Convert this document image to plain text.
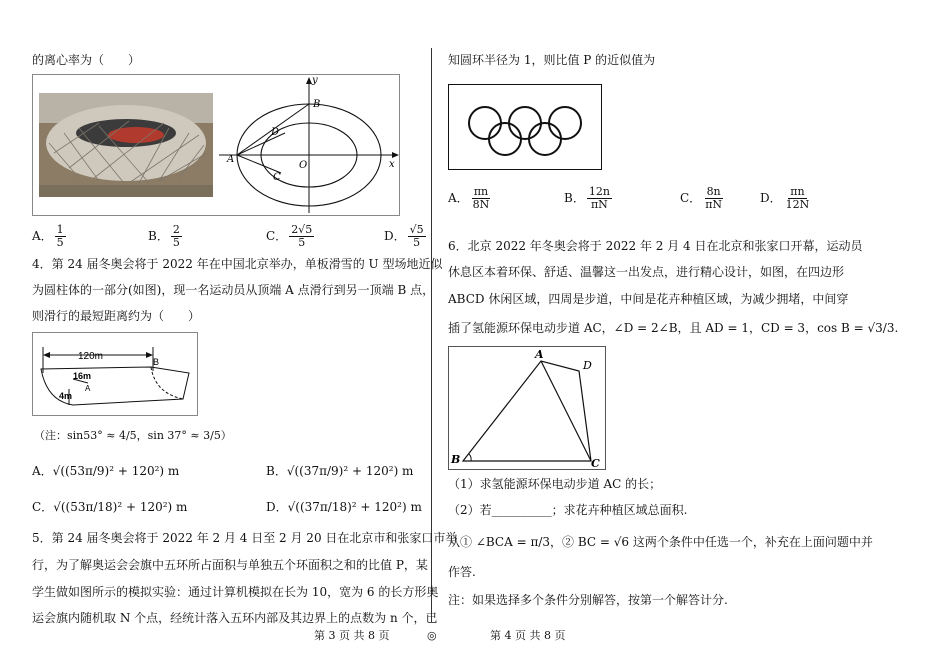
的离心率为（　　）
y
x
B
D
A
C
O
A． $\frac{1}{5}$	B． $\frac{2}{5}$	C． $\frac{2√5}{5}$	D． $\frac{√5}{5}$
4．第 24 届冬奥会将于 2022 年在中国北京举办，单板滑雪的 U 型场地近似
为圆柱体的一部分(如图)，现一名运动员从顶端 A 点滑行到另一顶端 B 点，
则滑行的最短距离约为（　　）
120m	B
16m
A
4m
（注：sin53° ≈ 4/5，sin 37° ≈ 3/5）
A．√((53π/9)² + 120²) m	B．√((37π/9)² + 120²) m
C．√((53π/18)² + 120²) m	D．√((37π/18)² + 120²) m
5．第 24 届冬奥会将于 2022 年 2 月 4 日至 2 月 20 日在北京市和张家口市举
行，为了解奥运会会旗中五环所占面积与单独五个环面积之和的比值 P，某
学生做如图所示的模拟实验：通过计算机模拟在长为 10，宽为 6 的长方形奥
运会旗内随机取 N 个点，经统计落入五环内部及其边界上的点数为 n 个，已
第 3 页 共 8 页	◎
知圆环半径为 1，则比值 P 的近似值为
A． $\frac{\pi n}{8N}$	B． $\frac{12n}{\pi N}$	C． $\frac{8n}{\pi N}$	D． $\frac{\pi n}{12N}$
6．北京 2022 年冬奥会将于 2022 年 2 月 4 日在北京和张家口开幕，运动员
休息区本着环保、舒适、温馨这一出发点，进行精心设计，如图，在四边形
ABCD 休闲区域，四周是步道，中间是花卉种植区域，为减少拥堵，中间穿
插了氢能源环保电动步道 AC，∠D = 2∠B，且 AD = 1，CD = 3，cos B = √3/3.
A
D
B	C
（1）求氢能源环保电动步道 AC 的长；
（2）若__________；求花卉种植区域总面积.
从① ∠BCA = π/3，② BC = √6 这两个条件中任选一个，补充在上面问题中并
作答.
注：如果选择多个条件分别解答，按第一个解答计分.
第 4 页 共 8 页
